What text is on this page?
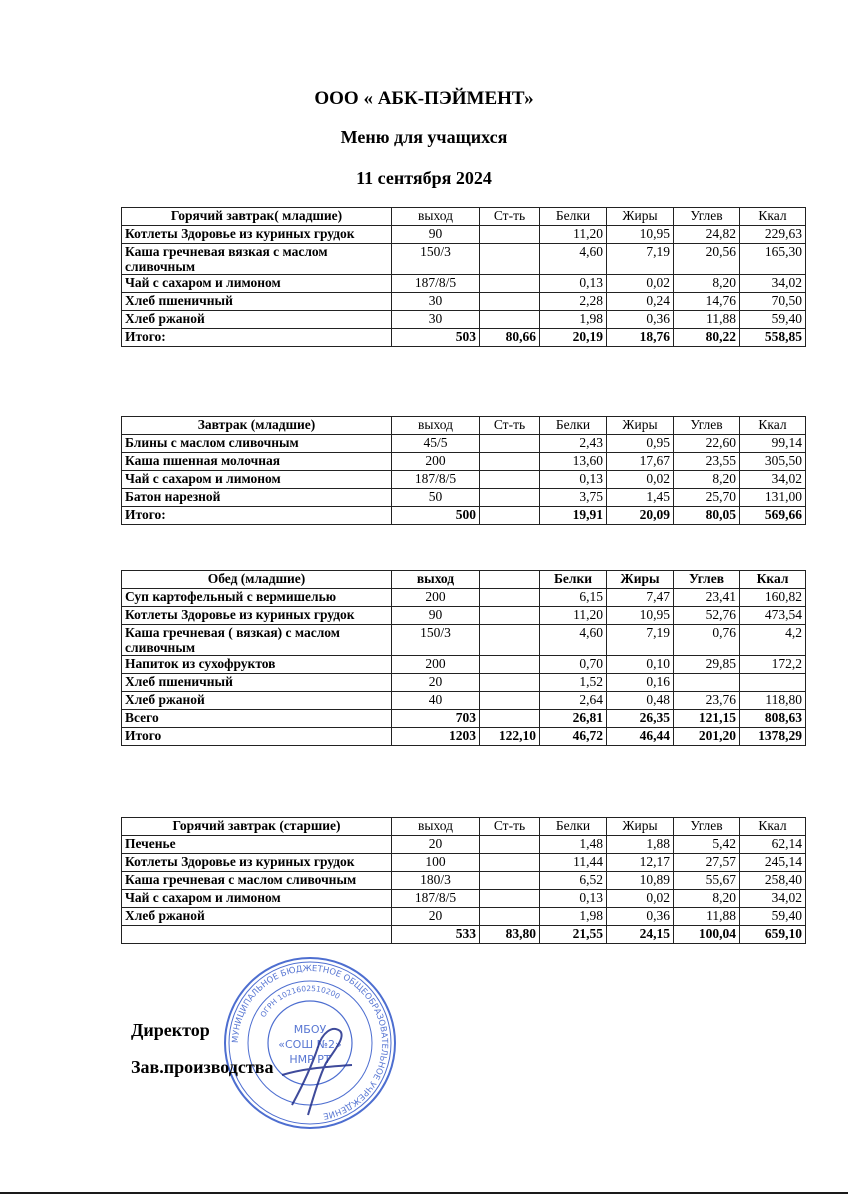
ООО « АБК-ПЭЙМЕНТ»
Меню для учащихся
11 сентября 2024
Горячий завтрак( младшие)	выход	Ст-ть	Белки	Жиры	Углев	Ккал
Котлеты Здоровье из куриных грудок	90		11,20	10,95	24,82	229,63
Каша гречневая вязкая с маслом сливочным	150/3		4,60	7,19	20,56	165,30
Чай с сахаром и лимоном	187/8/5		0,13	0,02	8,20	34,02
Хлеб пшеничный	30		2,28	0,24	14,76	70,50
Хлеб ржаной	30		1,98	0,36	11,88	59,40
Итого:	503	80,66	20,19	18,76	80,22	558,85
Завтрак (младшие)	выход	Ст-ть	Белки	Жиры	Углев	Ккал
Блины с маслом сливочным	45/5		2,43	0,95	22,60	99,14
Каша пшенная молочная	200		13,60	17,67	23,55	305,50
Чай с сахаром и лимоном	187/8/5		0,13	0,02	8,20	34,02
Батон нарезной	50		3,75	1,45	25,70	131,00
Итого:	500		19,91	20,09	80,05	569,66
Обед (младшие)	выход		Белки	Жиры	Углев	Ккал
Суп картофельный с вермишелью	200		6,15	7,47	23,41	160,82
Котлеты Здоровье из куриных грудок	90		11,20	10,95	52,76	473,54
Каша гречневая ( вязкая) с маслом сливочным	150/3		4,60	7,19	0,76	4,2
Напиток из сухофруктов	200		0,70	0,10	29,85	172,2
Хлеб пшеничный	20		1,52	0,16		
Хлеб ржаной	40		2,64	0,48	23,76	118,80
Всего	703		26,81	26,35	121,15	808,63
Итого	1203	122,10	46,72	46,44	201,20	1378,29
Горячий завтрак (старшие)	выход	Ст-ть	Белки	Жиры	Углев	Ккал
Печенье	20		1,48	1,88	5,42	62,14
Котлеты Здоровье из куриных грудок	100		11,44	12,17	27,57	245,14
Каша гречневая с маслом сливочным	180/3		6,52	10,89	55,67	258,40
Чай с сахаром и лимоном	187/8/5		0,13	0,02	8,20	34,02
Хлеб ржаной	20		1,98	0,36	11,88	59,40
	533	83,80	21,55	24,15	100,04	659,10
МУНИЦИПАЛЬНОЕ БЮДЖЕТНОЕ ОБЩЕОБРАЗОВАТЕЛЬНОЕ УЧРЕЖДЕНИЕ
ОГРН 1021602510200
МБОУ
«СОШ №2»
НМР РТ
Директор
Зав.производства
